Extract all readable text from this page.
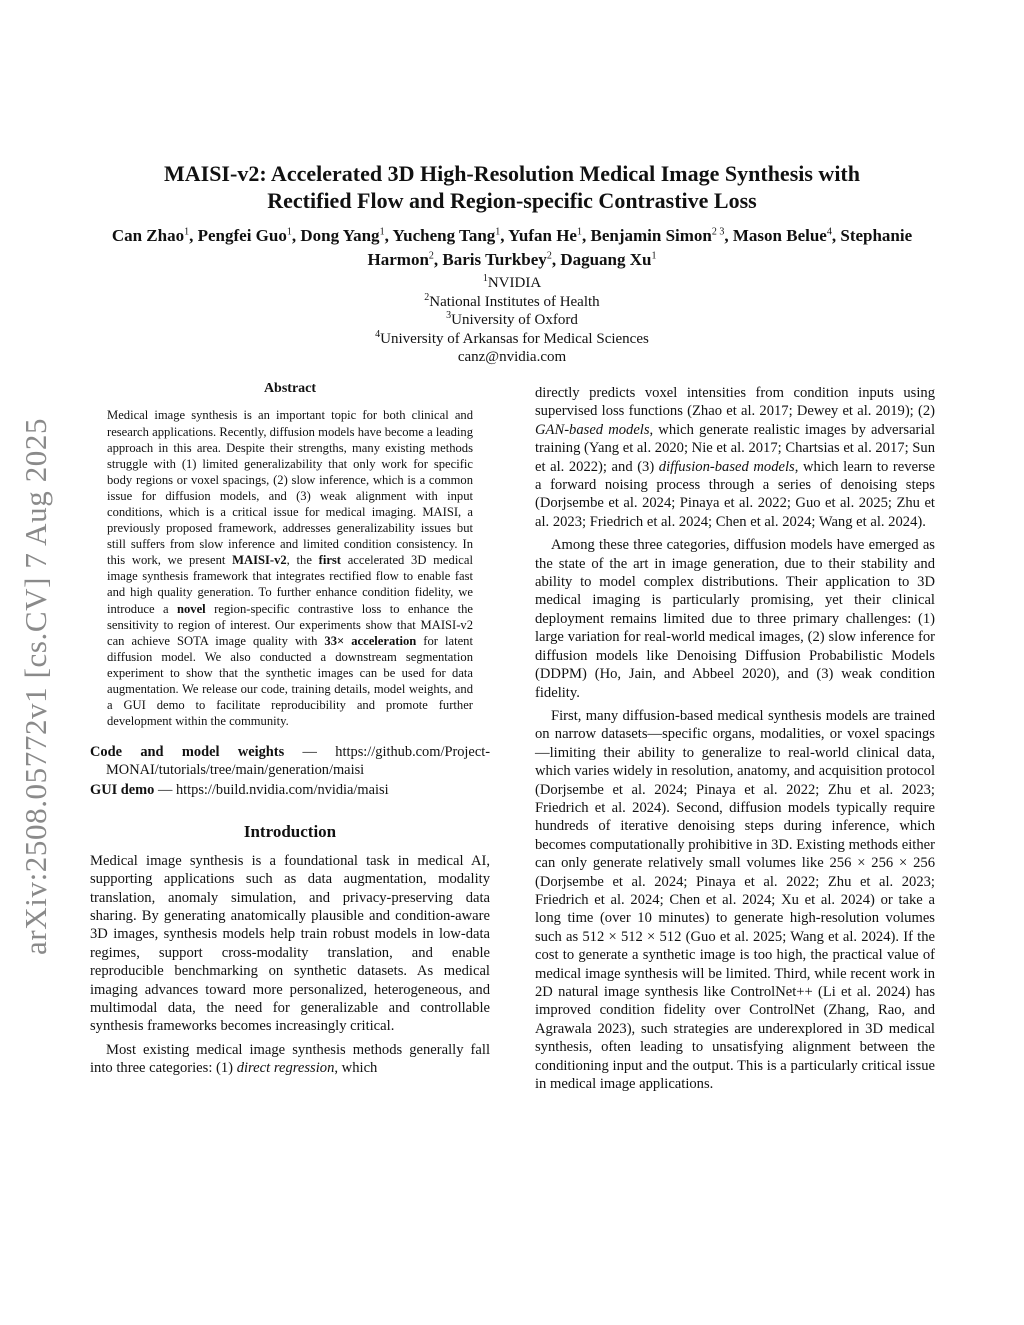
arXiv:2508.05772v1 [cs.CV] 7 Aug 2025
MAISI-v2: Accelerated 3D High-Resolution Medical Image Synthesis with
Rectified Flow and Region-specific Contrastive Loss
Can Zhao$^1$, Pengfei Guo$^1$, Dong Yang$^1$, Yucheng Tang$^1$, Yufan He$^1$, Benjamin Simon$^{2 3}$, Mason Belue$^4$, Stephanie Harmon$^2$, Baris Turkbey$^2$, Daguang Xu$^1$
$^1$NVIDIA
$^2$National Institutes of Health
$^3$University of Oxford
$^4$University of Arkansas for Medical Sciences
canz@nvidia.com
Abstract
Medical image synthesis is an important topic for both clinical and research applications. Recently, diffusion models have become a leading approach in this area. Despite their strengths, many existing methods struggle with (1) limited generalizability that only work for specific body regions or voxel spacings, (2) slow inference, which is a common issue for diffusion models, and (3) weak alignment with input conditions, which is a critical issue for medical imaging. MAISI, a previously proposed framework, addresses generalizability issues but still suffers from slow inference and limited condition consistency. In this work, we present MAISI-v2, the first accelerated 3D medical image synthesis framework that integrates rectified flow to enable fast and high quality generation. To further enhance condition fidelity, we introduce a novel region-specific contrastive loss to enhance the sensitivity to region of interest. Our experiments show that MAISI-v2 can achieve SOTA image quality with 33× acceleration for latent diffusion model. We also conducted a downstream segmentation experiment to show that the synthetic images can be used for data augmentation. We release our code, training details, model weights, and a GUI demo to facilitate reproducibility and promote further development within the community.
Code and model weights — https://github.com/Project-MONAI/tutorials/tree/main/generation/maisi
GUI demo — https://build.nvidia.com/nvidia/maisi
Introduction

Medical image synthesis is a foundational task in medical AI, supporting applications such as data augmentation, modality translation, anomaly simulation, and privacy-preserving data sharing. By generating anatomically plausible and condition-aware 3D images, synthesis models help train robust models in low-data regimes, support cross-modality translation, and enable reproducible benchmarking on synthetic datasets. As medical imaging advances toward more personalized, heterogeneous, and multimodal data, the need for generalizable and controllable synthesis frameworks becomes increasingly critical.

Most existing medical image synthesis methods generally fall into three categories: (1) direct regression, which

directly predicts voxel intensities from condition inputs using supervised loss functions (Zhao et al. 2017; Dewey et al. 2019); (2) GAN-based models, which generate realistic images by adversarial training (Yang et al. 2020; Nie et al. 2017; Chartsias et al. 2017; Sun et al. 2022); and (3) diffusion-based models, which learn to reverse a forward noising process through a series of denoising steps (Dorjsembe et al. 2024; Pinaya et al. 2022; Guo et al. 2025; Zhu et al. 2023; Friedrich et al. 2024; Chen et al. 2024; Wang et al. 2024).

Among these three categories, diffusion models have emerged as the state of the art in image generation, due to their stability and ability to model complex distributions. Their application to 3D medical imaging is particularly promising, yet their clinical deployment remains limited due to three primary challenges: (1) large variation for real-world medical images, (2) slow inference for diffusion models like Denoising Diffusion Probabilistic Models (DDPM) (Ho, Jain, and Abbeel 2020), and (3) weak condition fidelity.

First, many diffusion-based medical synthesis models are trained on narrow datasets—specific organs, modalities, or voxel spacings—limiting their ability to generalize to real-world clinical data, which varies widely in resolution, anatomy, and acquisition protocol (Dorjsembe et al. 2024; Pinaya et al. 2022; Zhu et al. 2023; Friedrich et al. 2024). Second, diffusion models typically require hundreds of iterative denoising steps during inference, which becomes computationally prohibitive in 3D. Existing methods either can only generate relatively small volumes like 256 × 256 × 256 (Dorjsembe et al. 2024; Pinaya et al. 2022; Zhu et al. 2023; Friedrich et al. 2024; Chen et al. 2024; Xu et al. 2024) or take a long time (over 10 minutes) to generate high-resolution volumes such as 512 × 512 × 512 (Guo et al. 2025; Wang et al. 2024). If the cost to generate a synthetic image is too high, the practical value of medical image synthesis will be limited. Third, while recent work in 2D natural image synthesis like ControlNet++ (Li et al. 2024) has improved condition fidelity over ControlNet (Zhang, Rao, and Agrawala 2023), such strategies are underexplored in 3D medical synthesis, often leading to unsatisfying alignment between the conditioning input and the output. This is a particularly critical issue in medical image applications.
